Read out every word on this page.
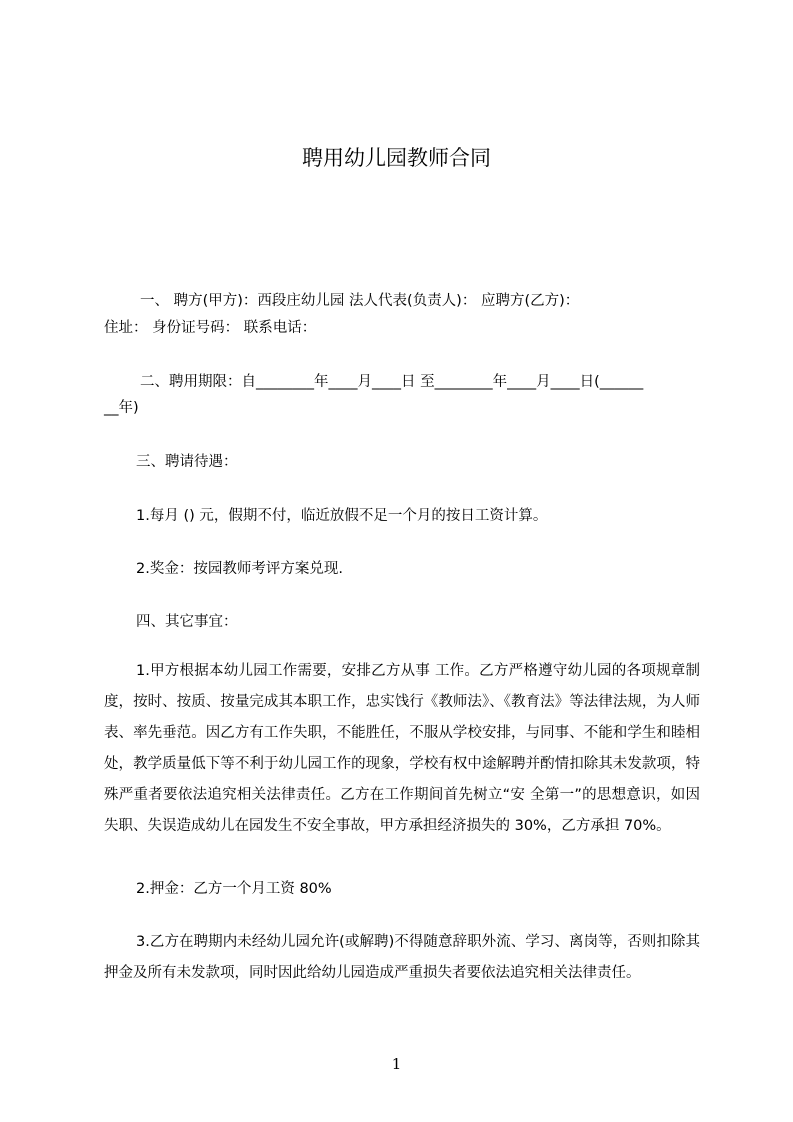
聘用幼儿园教师合同
一、 聘方(甲方)：西段庄幼儿园 法人代表(负责人)： 应聘方(乙方)：
住址： 身份证号码： 联系电话：
二、聘用期限：自________年____月____日 至________年____月____日(______
__年)
三、聘请待遇：
1.每月 () 元，假期不付，临近放假不足一个月的按日工资计算。
2.奖金：按园教师考评方案兑现.
四、其它事宜：
1.甲方根据本幼儿园工作需要，安排乙方从事 工作。乙方严格遵守幼儿园的各项规章制度，按时、按质、按量完成其本职工作，忠实饯行《教师法》、《教育法》等法律法规，为人师表、率先垂范。因乙方有工作失职，不能胜任，不服从学校安排，与同事、不能和学生和睦相处，教学质量低下等不利于幼儿园工作的现象，学校有权中途解聘并酌情扣除其未发款项，特殊严重者要依法追究相关法律责任。乙方在工作期间首先树立“安 全第一”的思想意识，如因失职、失误造成幼儿在园发生不安全事故，甲方承担经济损失的 30%，乙方承担 70%。
2.押金：乙方一个月工资 80%
3.乙方在聘期内未经幼儿园允许(或解聘)不得随意辞职外流、学习、离岗等，否则扣除其押金及所有未发款项，同时因此给幼儿园造成严重损失者要依法追究相关法律责任。
1
